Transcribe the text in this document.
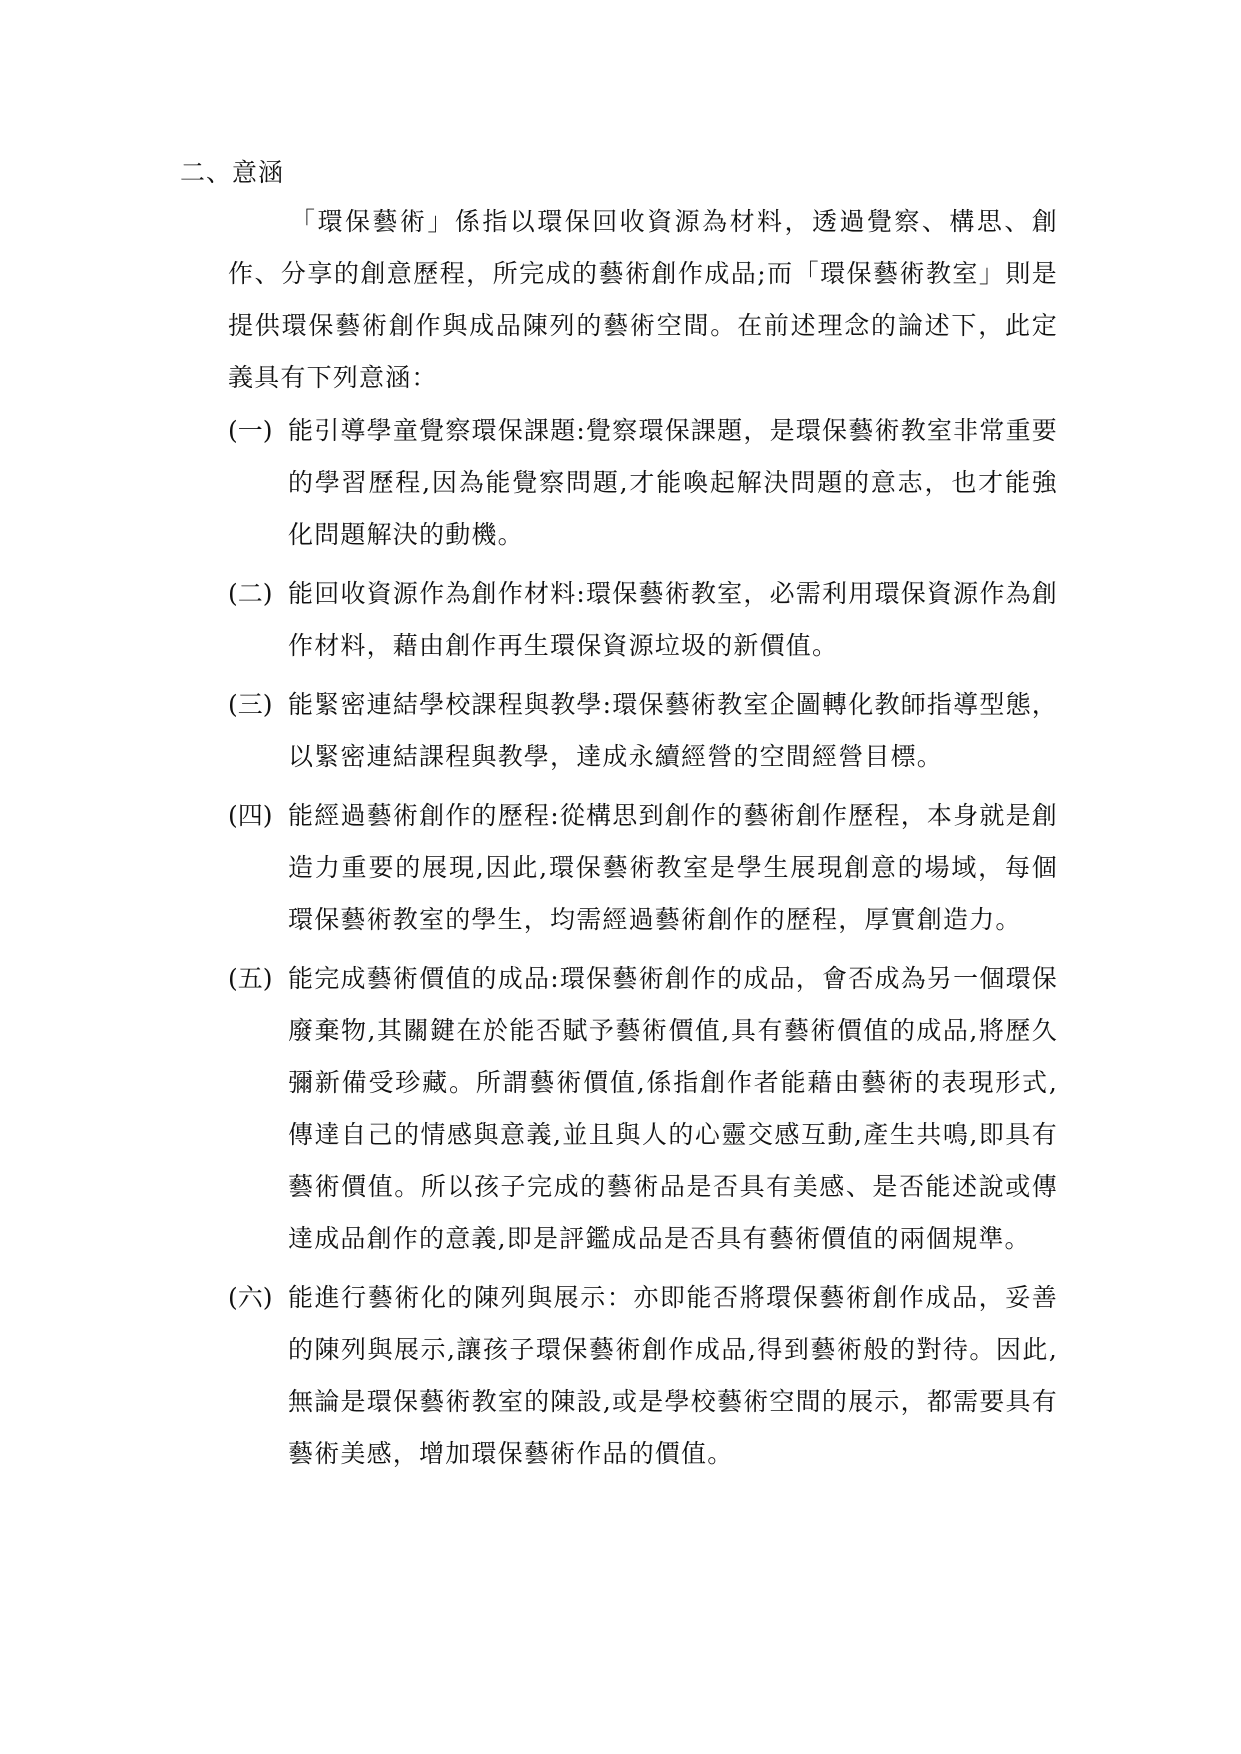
二、意涵

「環保藝術」係指以環保回收資源為材料，透過覺察、構思、創作、分享的創意歷程，所完成的藝術創作成品;而「環保藝術教室」則是提供環保藝術創作與成品陳列的藝術空間。在前述理念的論述下，此定義具有下列意涵：

(一) 能引導學童覺察環保課題:覺察環保課題，是環保藝術教室非常重要的學習歷程,因為能覺察問題,才能喚起解決問題的意志，也才能強化問題解決的動機。
(二) 能回收資源作為創作材料:環保藝術教室，必需利用環保資源作為創作材料，藉由創作再生環保資源垃圾的新價值。
(三) 能緊密連結學校課程與教學:環保藝術教室企圖轉化教師指導型態，以緊密連結課程與教學，達成永續經營的空間經營目標。
(四) 能經過藝術創作的歷程:從構思到創作的藝術創作歷程，本身就是創造力重要的展現,因此,環保藝術教室是學生展現創意的場域，每個環保藝術教室的學生，均需經過藝術創作的歷程，厚實創造力。
(五) 能完成藝術價值的成品:環保藝術創作的成品，會否成為另一個環保廢棄物,其關鍵在於能否賦予藝術價值,具有藝術價值的成品,將歷久彌新備受珍藏。所謂藝術價值,係指創作者能藉由藝術的表現形式,傳達自己的情感與意義,並且與人的心靈交感互動,產生共鳴,即具有藝術價值。所以孩子完成的藝術品是否具有美感、是否能述說或傳達成品創作的意義,即是評鑑成品是否具有藝術價值的兩個規準。
(六) 能進行藝術化的陳列與展示：亦即能否將環保藝術創作成品，妥善的陳列與展示,讓孩子環保藝術創作成品,得到藝術般的對待。因此,無論是環保藝術教室的陳設,或是學校藝術空間的展示，都需要具有藝術美感，增加環保藝術作品的價值。
